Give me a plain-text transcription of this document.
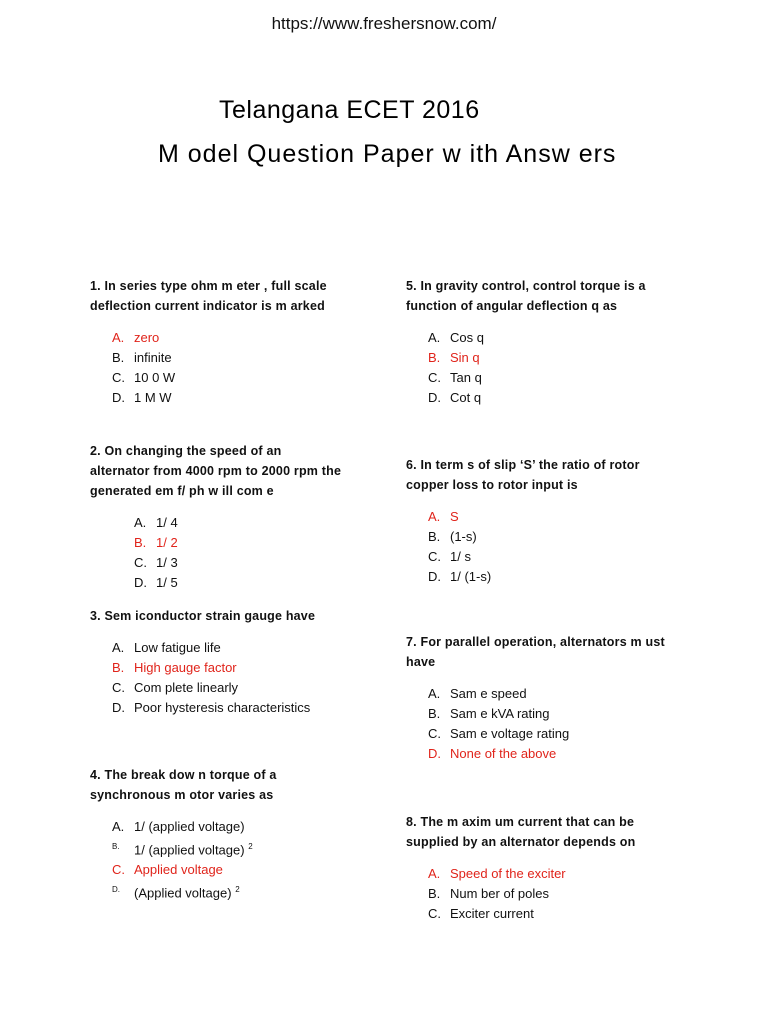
https://www.freshersnow.com/
Telangana ECET 2016
M odel Question Paper w ith Answ ers
1. In series type ohm m eter , full scale deflection current indicator is m arked
A. zero
B. infinite
C. 10 0 W
D. 1 M W
2. On changing the speed of an alternator from 4000 rpm to 2000 rpm the generated em f/ ph w ill com e
A. 1/ 4
B. 1/ 2
C. 1/ 3
D. 1/ 5
3. Sem iconductor strain gauge have
A. Low fatigue life
B. High gauge factor
C. Com plete linearly
D. Poor hysteresis characteristics
4. The break dow n torque of a synchronous m otor varies as
A. 1/ (applied voltage)
B. 1/ (applied voltage) $^2$
C. Applied voltage
D. (Applied voltage) $^2$
5. In gravity control, control torque is a function of angular deflection q as
A. Cos q
B. Sin q
C. Tan q
D. Cot q
6. In term s of slip ‘S’ the ratio of rotor copper loss to rotor input is
A. S
B. (1-s)
C. 1/ s
D. 1/ (1-s)
7. For parallel operation, alternators m ust have
A. Sam e speed
B. Sam e kVA rating
C. Sam e voltage rating
D. None of the above
8. The m axim um current that can be supplied by an alternator depends on
A. Speed of the exciter
B. Num ber of poles
C. Exciter current
